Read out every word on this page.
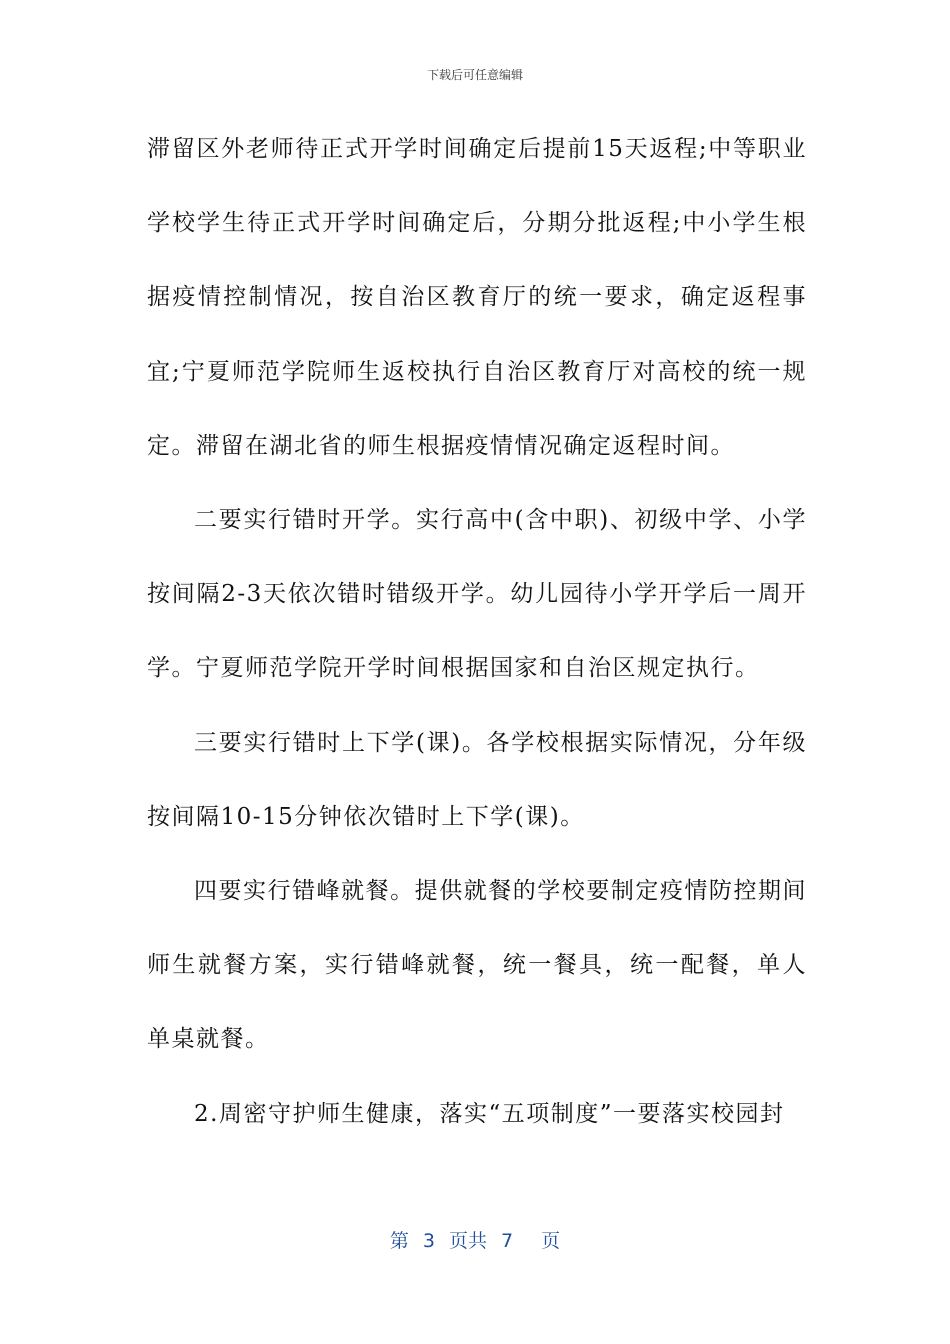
下载后可任意编辑

滞留区外老师待正式开学时间确定后提前15天返程;中等职业学校学生待正式开学时间确定后，分期分批返程;中小学生根据疫情控制情况，按自治区教育厅的统一要求，确定返程事宜;宁夏师范学院师生返校执行自治区教育厅对高校的统一规定。滞留在湖北省的师生根据疫情情况确定返程时间。

二要实行错时开学。实行高中(含中职)、初级中学、小学按间隔2-3天依次错时错级开学。幼儿园待小学开学后一周开学。宁夏师范学院开学时间根据国家和自治区规定执行。

三要实行错时上下学(课)。各学校根据实际情况，分年级按间隔10-15分钟依次错时上下学(课)。

四要实行错峰就餐。提供就餐的学校要制定疫情防控期间师生就餐方案，实行错峰就餐，统一餐具，统一配餐，单人单桌就餐。

2.周密守护师生健康，落实“五项制度”一要落实校园封

第 3 页共 7 页
